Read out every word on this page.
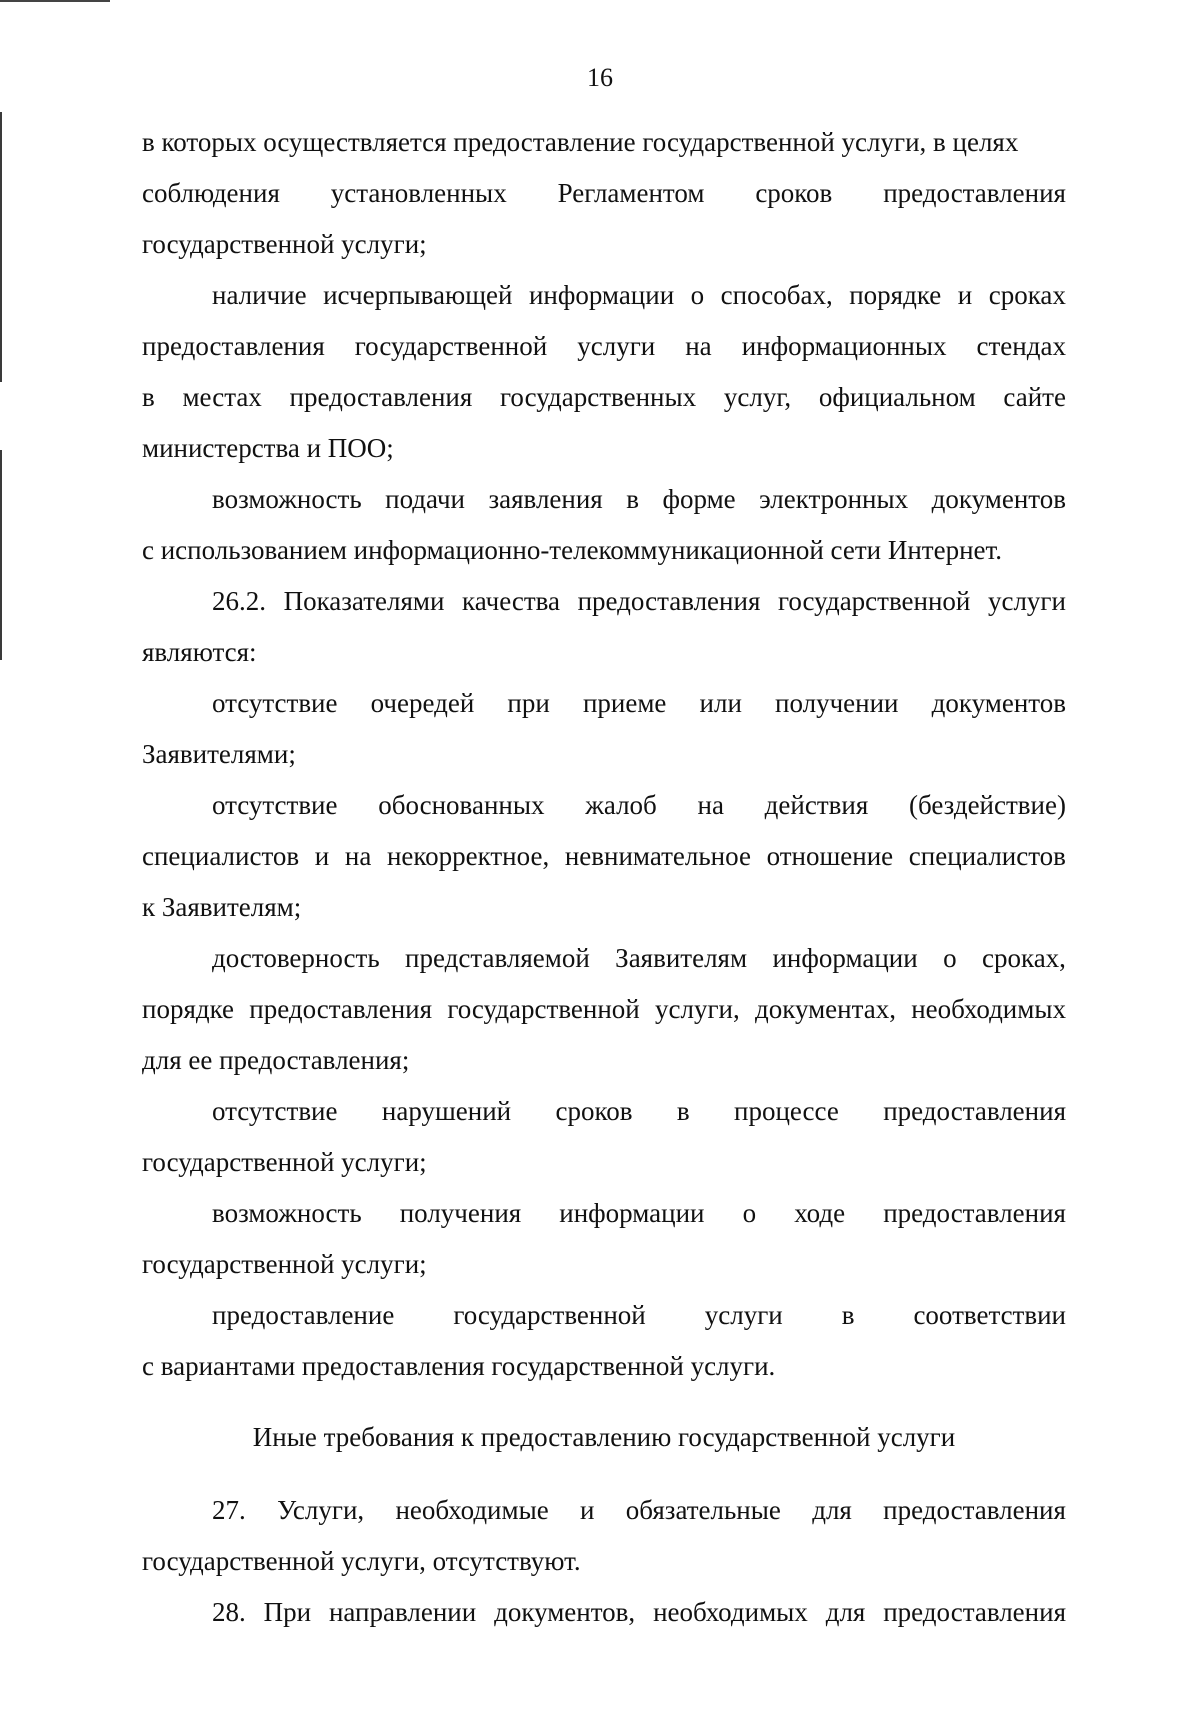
16
в которых осуществляется предоставление государственной услуги, в целях
соблюдения установленных Регламентом сроков предоставления
государственной услуги;
наличие исчерпывающей информации о способах, порядке и сроках
предоставления государственной услуги на информационных стендах
в местах предоставления государственных услуг, официальном сайте
министерства и ПОО;
возможность подачи заявления в форме электронных документов
с использованием информационно-телекоммуникационной сети Интернет.
26.2. Показателями качества предоставления государственной услуги
являются:
отсутствие очередей при приеме или получении документов
Заявителями;
отсутствие обоснованных жалоб на действия (бездействие)
специалистов и на некорректное, невнимательное отношение специалистов
к Заявителям;
достоверность представляемой Заявителям информации о сроках,
порядке предоставления государственной услуги, документах, необходимых
для ее предоставления;
отсутствие нарушений сроков в процессе предоставления
государственной услуги;
возможность получения информации о ходе предоставления
государственной услуги;
предоставление государственной услуги в соответствии
с вариантами предоставления государственной услуги.
Иные требования к предоставлению государственной услуги
27. Услуги, необходимые и обязательные для предоставления
государственной услуги, отсутствуют.
28. При направлении документов, необходимых для предоставления
